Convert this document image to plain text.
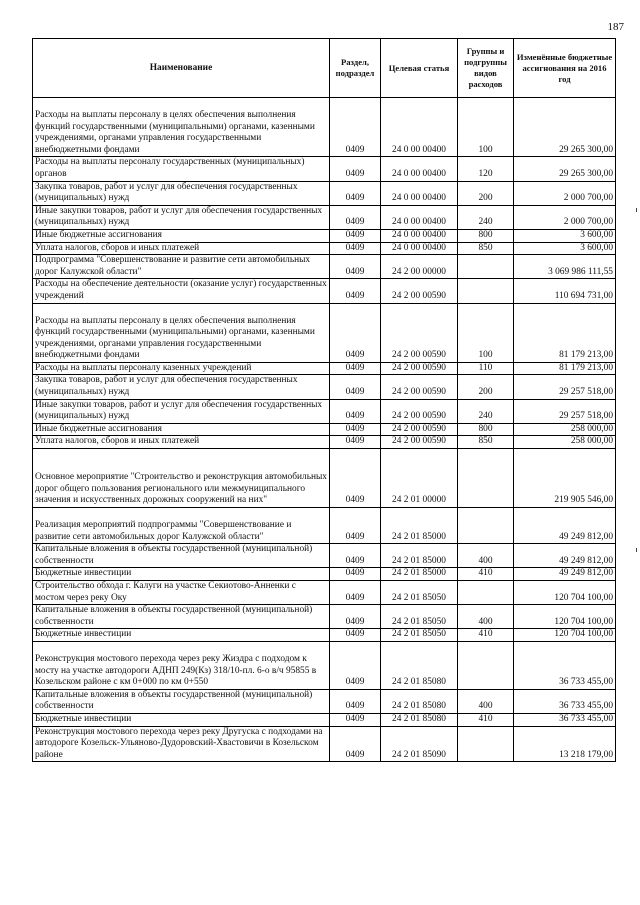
187
Наименование	Раздел, подраздел	Целевая статья	Группы и подгруппы видов расходов	Изменённые бюджетные ассигнования на 2016 год

Расходы на выплаты персоналу в целях обеспечения выполнения функций государственными (муниципальными) органами, казенными учреждениями, органами управления государственными внебюджетными фондами	0409	24 0 00 00400	100	29 265 300,00
Расходы на выплаты персоналу государственных (муниципальных) органов	0409	24 0 00 00400	120	29 265 300,00
Закупка товаров, работ и услуг для обеспечения государственных (муниципальных) нужд	0409	24 0 00 00400	200	2 000 700,00
Иные закупки товаров, работ и услуг для обеспечения государственных (муниципальных) нужд	0409	24 0 00 00400	240	2 000 700,00
Иные бюджетные ассигнования	0409	24 0 00 00400	800	3 600,00
Уплата налогов, сборов и иных платежей	0409	24 0 00 00400	850	3 600,00
Подпрограмма "Совершенствование и развитие сети автомобильных дорог Калужской области"	0409	24 2 00 00000		3 069 986 111,55
Расходы на обеспечение деятельности (оказание услуг) государственных учреждений	0409	24 2 00 00590		110 694 731,00

Расходы на выплаты персоналу в целях обеспечения выполнения функций государственными (муниципальными) органами, казенными учреждениями, органами управления государственными внебюджетными фондами	0409	24 2 00 00590	100	81 179 213,00
Расходы на выплаты персоналу казенных учреждений	0409	24 2 00 00590	110	81 179 213,00
Закупка товаров, работ и услуг для обеспечения государственных (муниципальных) нужд	0409	24 2 00 00590	200	29 257 518,00
Иные закупки товаров, работ и услуг для обеспечения государственных (муниципальных) нужд	0409	24 2 00 00590	240	29 257 518,00
Иные бюджетные ассигнования	0409	24 2 00 00590	800	258 000,00
Уплата налогов, сборов и иных платежей	0409	24 2 00 00590	850	258 000,00
Основное мероприятие "Строительство и реконструкция автомобильных дорог общего пользования регионального или межмуниципального значения и искусственных дорожных сооружений на них"	0409	24 2 01 00000		219 905 546,00

Реализация мероприятий подпрограммы "Совершенствование и развитие сети автомобильных дорог Калужской области"	0409	24 2 01 85000		49 249 812,00
Капитальные вложения в объекты государственной (муниципальной) собственности	0409	24 2 01 85000	400	49 249 812,00
Бюджетные инвестиции	0409	24 2 01 85000	410	49 249 812,00
Строительство обхода г. Калуги на участке Секиотово-Анненки с мостом через реку Оку	0409	24 2 01 85050		120 704 100,00
Капитальные вложения в объекты государственной (муниципальной) собственности	0409	24 2 01 85050	400	120 704 100,00
Бюджетные инвестиции	0409	24 2 01 85050	410	120 704 100,00

Реконструкция мостового перехода через реку Жиздра с подходом к мосту на участке автодороги АДНП 249(Кз) 318/10-пл. 6-о в/ч 95855 в Козельском районе с км 0+000 по км 0+550	0409	24 2 01 85080		36 733 455,00
Капитальные вложения в объекты государственной (муниципальной) собственности	0409	24 2 01 85080	400	36 733 455,00
Бюджетные инвестиции	0409	24 2 01 85080	410	36 733 455,00
Реконструкция мостового перехода через реку Другуска с подходами на автодороге Козельск-Ульяново-Дудоровский-Хвастовичи в Козельском районе	0409	24 2 01 85090		13 218 179,00
